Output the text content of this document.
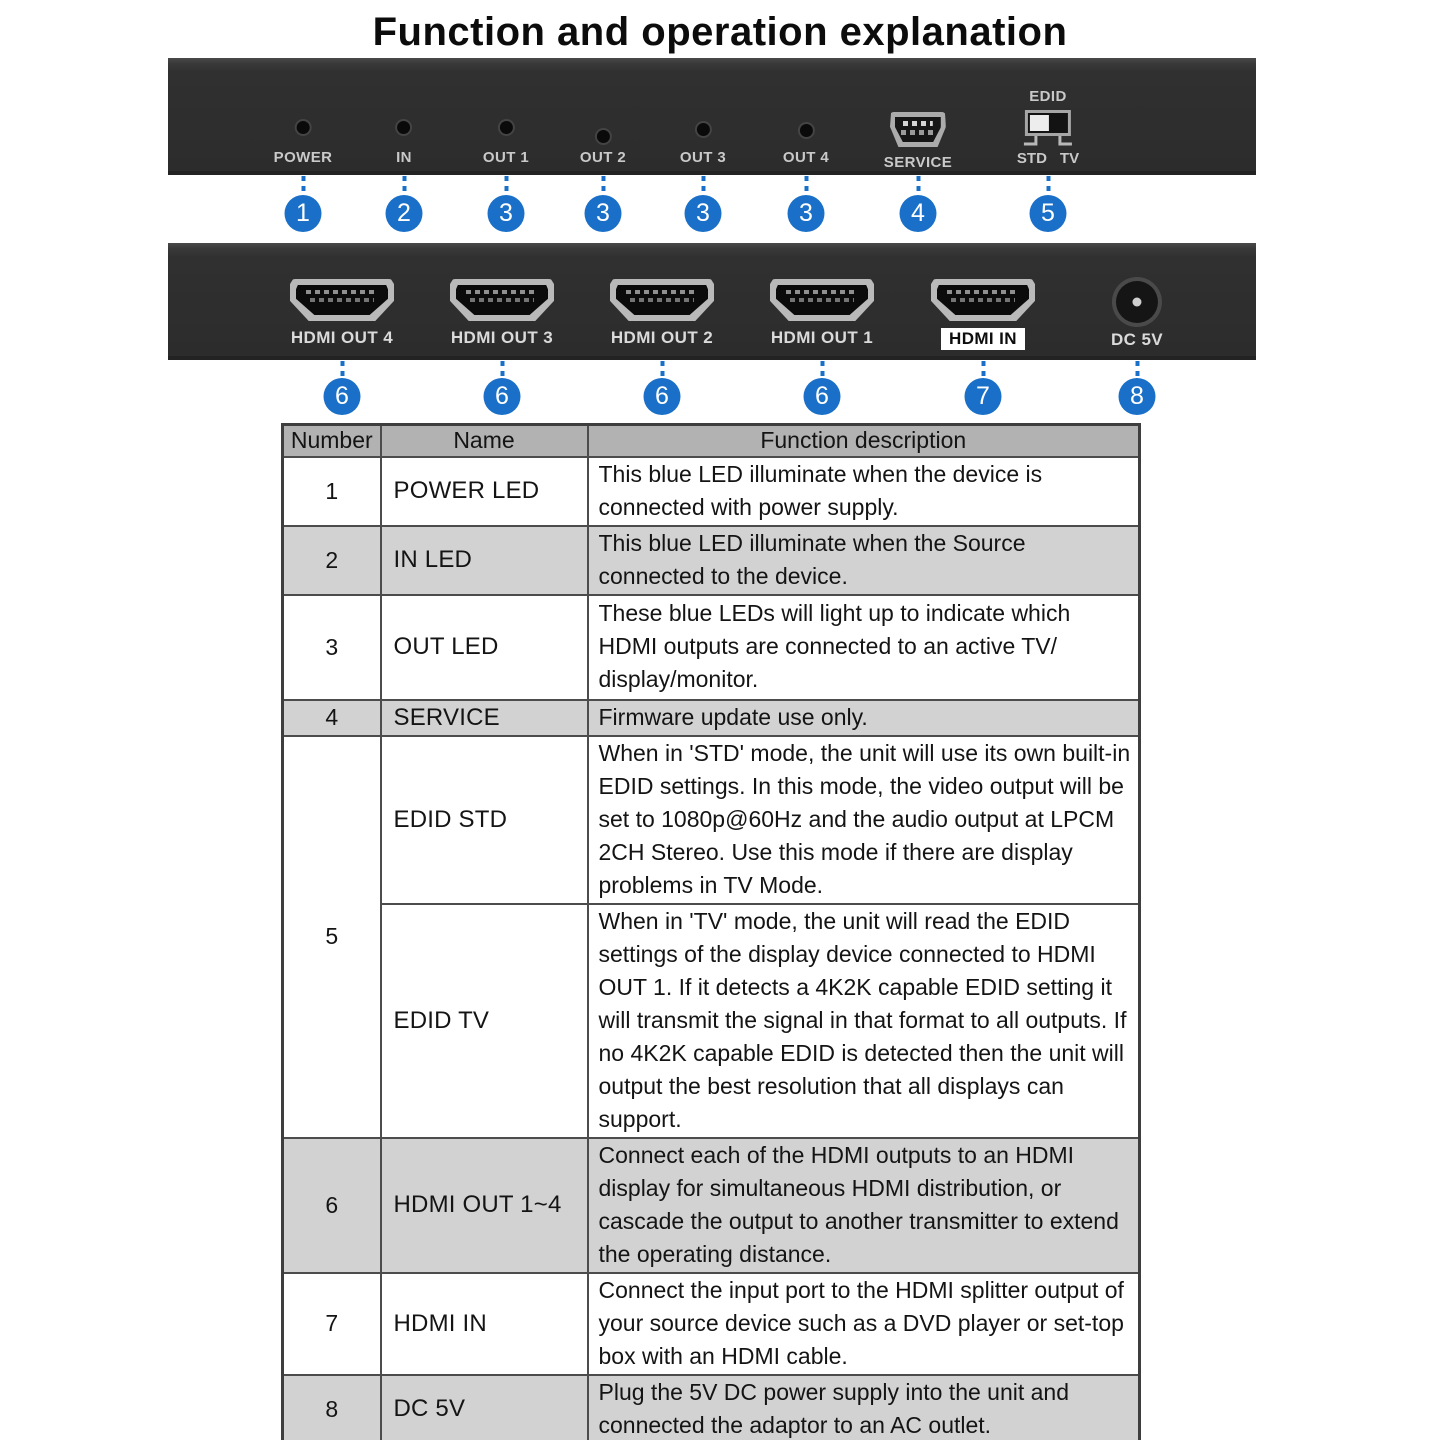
Function and operation explanation
POWER	IN	OUT 1	OUT 2	OUT 3	OUT 4	SERVICE
EDID
STD TV
1	2	3	3	3	3	4	5
HDMI OUT 4	HDMI OUT 3	HDMI OUT 2	HDMI OUT 1	HDMI IN	DC 5V
6	6	6	6	7	8
Number	Name	Function description
1	POWER LED	This blue LED illuminate when the device is connected with power supply.
2	IN LED	This blue LED illuminate when the Source connected to the device.
3	OUT LED	These blue LEDs will light up to indicate which HDMI outputs are connected to an active TV/ display/monitor.
4	SERVICE	Firmware update use only.
5	EDID STD	When in 'STD' mode, the unit will use its own built-in EDID settings. In this mode, the video output will be set to 1080p@60Hz and the audio output at LPCM 2CH Stereo. Use this mode if there are display problems in TV Mode.
	EDID TV	When in 'TV' mode, the unit will read the EDID settings of the display device connected to HDMI OUT 1. If it detects a 4K2K capable EDID setting it will transmit the signal in that format to all outputs. If no 4K2K capable EDID is detected then the unit will output the best resolution that all displays can support.
6	HDMI OUT 1~4	Connect each of the HDMI outputs to an HDMI display for simultaneous HDMI distribution, or cascade the output to another transmitter to extend the operating distance.
7	HDMI IN	Connect the input port to the HDMI splitter output of your source device such as a DVD player or set-top box with an HDMI cable.
8	DC 5V	Plug the 5V DC power supply into the unit and connected the adaptor to an AC outlet.
